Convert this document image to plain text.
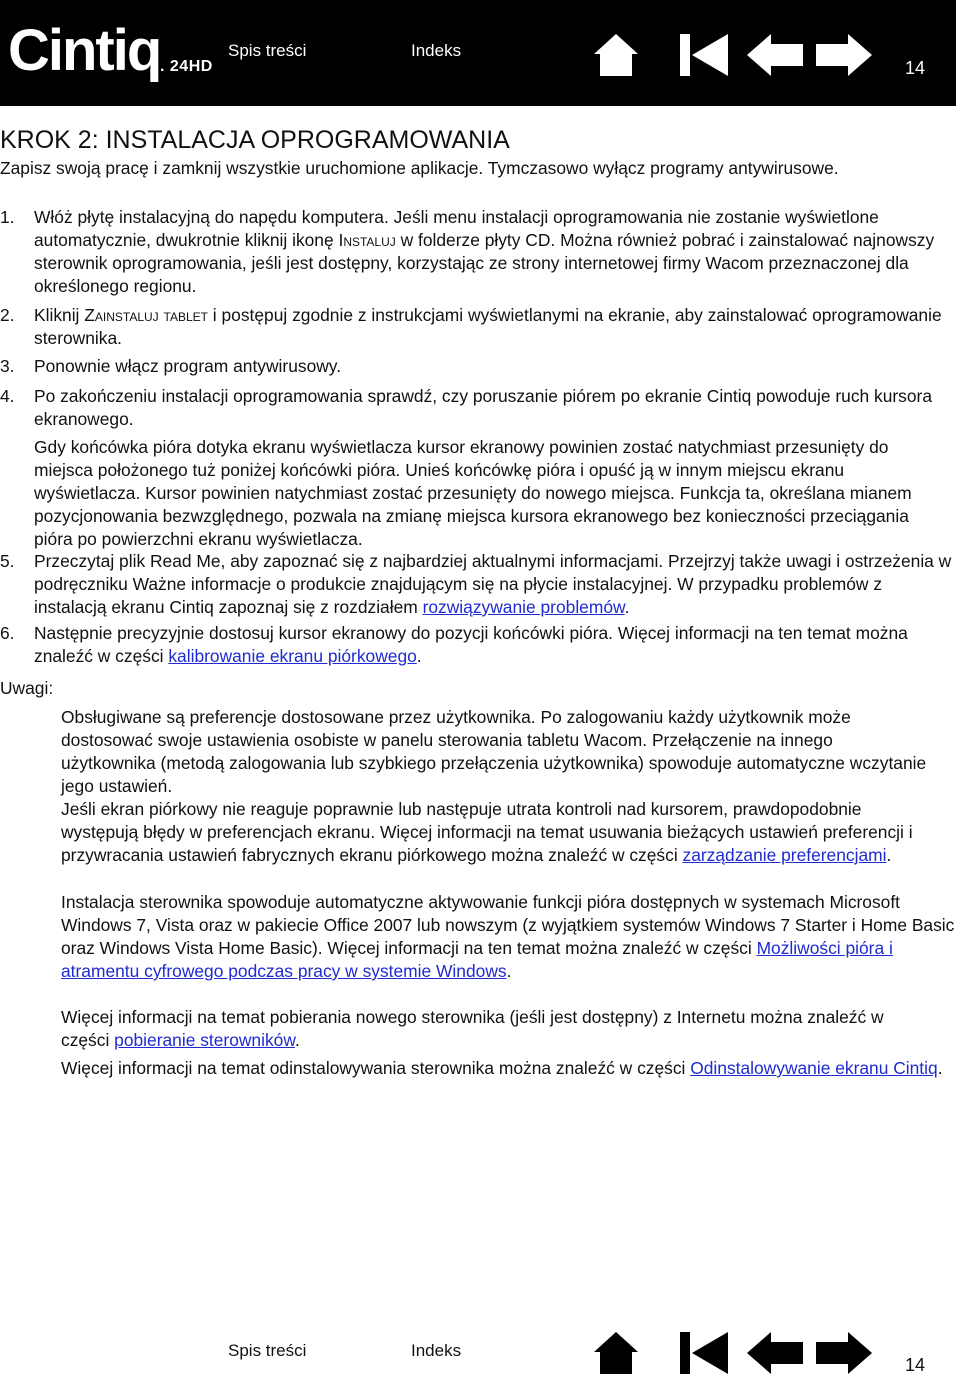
Cintiq . 24HD
Spis treści	Indeks
14
KROK 2: INSTALACJA OPROGRAMOWANIA

Zapisz swoją pracę i zamknij wszystkie uruchomione aplikacje. Tymczasowo wyłącz programy antywirusowe.

1. Włóż płytę instalacyjną do napędu komputera. Jeśli menu instalacji oprogramowania nie zostanie wyświetlone automatycznie, dwukrotnie kliknij ikonę Instaluj w folderze płyty CD. Można również pobrać i zainstalować najnowszy sterownik oprogramowania, jeśli jest dostępny, korzystając ze strony internetowej firmy Wacom przeznaczonej dla określonego regionu.

2. Kliknij Zainstaluj tablet i postępuj zgodnie z instrukcjami wyświetlanymi na ekranie, aby zainstalować oprogramowanie sterownika.

3. Ponownie włącz program antywirusowy.

4. Po zakończeniu instalacji oprogramowania sprawdź, czy poruszanie piórem po ekranie Cintiq powoduje ruch kursora ekranowego.

Gdy końcówka pióra dotyka ekranu wyświetlacza kursor ekranowy powinien zostać natychmiast przesunięty do miejsca położonego tuż poniżej końcówki pióra. Unieś końcówkę pióra i opuść ją w innym miejscu ekranu wyświetlacza. Kursor powinien natychmiast zostać przesunięty do nowego miejsca. Funkcja ta, określana mianem pozycjonowania bezwzględnego, pozwala na zmianę miejsca kursora ekranowego bez konieczności przeciągania pióra po powierzchni ekranu wyświetlacza.

5. Przeczytaj plik Read Me, aby zapoznać się z najbardziej aktualnymi informacjami. Przejrzyj także uwagi i ostrzeżenia w podręczniku Ważne informacje o produkcie znajdującym się na płycie instalacyjnej. W przypadku problemów z instalacją ekranu Cintiq zapoznaj się z rozdziałem rozwiązywanie problemów.

6. Następnie precyzyjnie dostosuj kursor ekranowy do pozycji końcówki pióra. Więcej informacji na ten temat można znaleźć w części kalibrowanie ekranu piórkowego.

Uwagi:

Obsługiwane są preferencje dostosowane przez użytkownika. Po zalogowaniu każdy użytkownik może dostosować swoje ustawienia osobiste w panelu sterowania tabletu Wacom. Przełączenie na innego użytkownika (metodą zalogowania lub szybkiego przełączenia użytkownika) spowoduje automatyczne wczytanie jego ustawień.

Jeśli ekran piórkowy nie reaguje poprawnie lub następuje utrata kontroli nad kursorem, prawdopodobnie występują błędy w preferencjach ekranu. Więcej informacji na temat usuwania bieżących ustawień preferencji i przywracania ustawień fabrycznych ekranu piórkowego można znaleźć w części zarządzanie preferencjami.

Instalacja sterownika spowoduje automatyczne aktywowanie funkcji pióra dostępnych w systemach Microsoft Windows 7, Vista oraz w pakiecie Office 2007 lub nowszym (z wyjątkiem systemów Windows 7 Starter i Home Basic oraz Windows Vista Home Basic). Więcej informacji na ten temat można znaleźć w części Możliwości pióra i atramentu cyfrowego podczas pracy w systemie Windows.

Więcej informacji na temat pobierania nowego sterownika (jeśli jest dostępny) z Internetu można znaleźć w części pobieranie sterowników.

Więcej informacji na temat odinstalowywania sterownika można znaleźć w części Odinstalowywanie ekranu Cintiq.

Spis treści	Indeks
14
